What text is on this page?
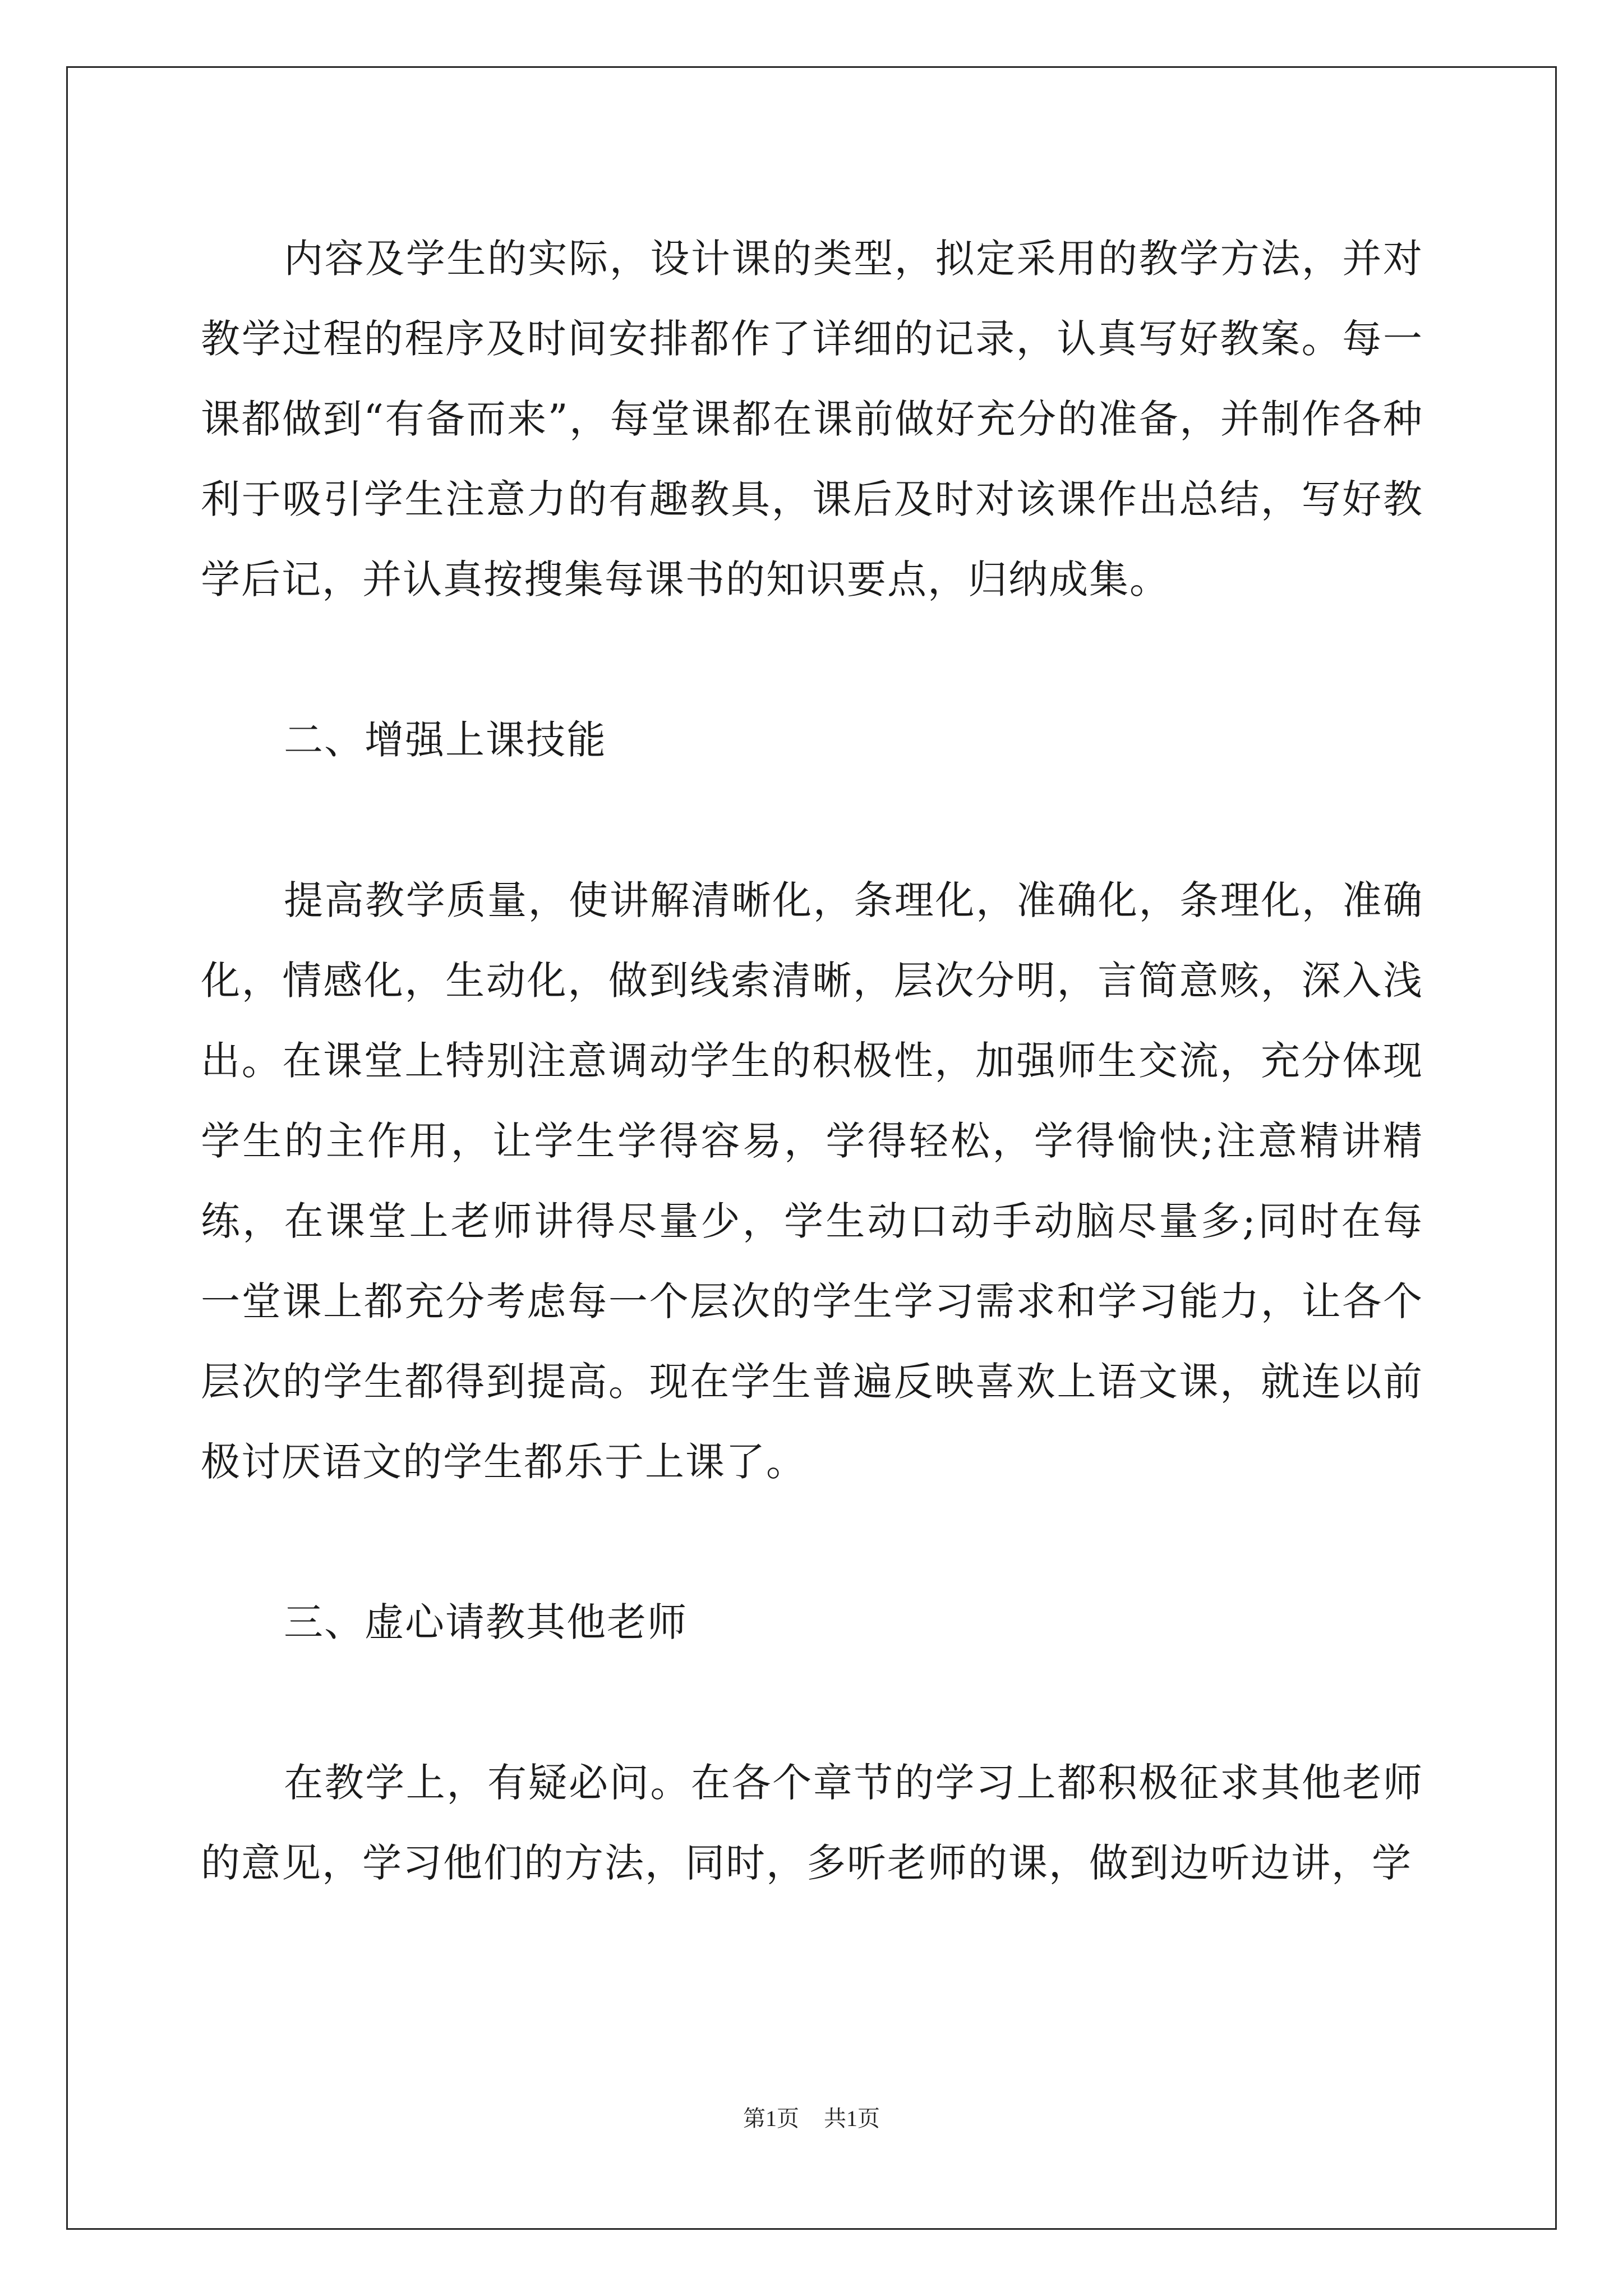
内容及学生的实际，设计课的类型，拟定采用的教学方法，并对教学过程的程序及时间安排都作了详细的记录，认真写好教案。每一课都做到“有备而来”，每堂课都在课前做好充分的准备，并制作各种利于吸引学生注意力的有趣教具，课后及时对该课作出总结，写好教学后记，并认真按搜集每课书的知识要点，归纳成集。

二、增强上课技能

提高教学质量，使讲解清晰化，条理化，准确化，条理化，准确化，情感化，生动化，做到线索清晰，层次分明，言简意赅，深入浅出。在课堂上特别注意调动学生的积极性，加强师生交流，充分体现学生的主作用，让学生学得容易，学得轻松，学得愉快;注意精讲精练，在课堂上老师讲得尽量少，学生动口动手动脑尽量多;同时在每一堂课上都充分考虑每一个层次的学生学习需求和学习能力，让各个层次的学生都得到提高。现在学生普遍反映喜欢上语文课，就连以前极讨厌语文的学生都乐于上课了。

三、虚心请教其他老师

在教学上，有疑必问。在各个章节的学习上都积极征求其他老师的意见，学习他们的方法，同时，多听老师的课，做到边听边讲，学

第1页 共1页
